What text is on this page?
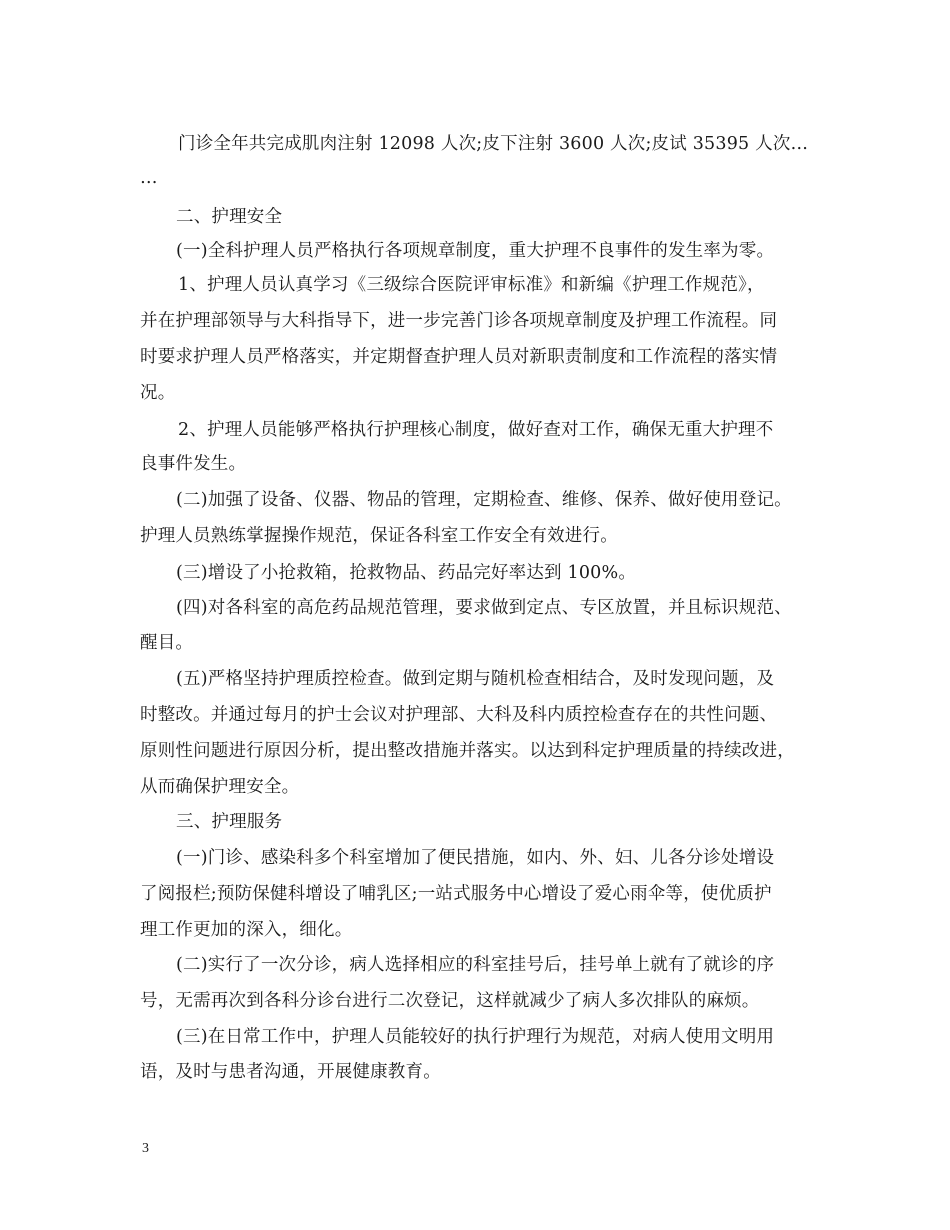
门诊全年共完成肌肉注射 12098 人次;皮下注射 3600 人次;皮试 35395 人次…
…
二、护理安全
(一)全科护理人员严格执行各项规章制度，重大护理不良事件的发生率为零。
1、护理人员认真学习《三级综合医院评审标准》和新编《护理工作规范》，
并在护理部领导与大科指导下，进一步完善门诊各项规章制度及护理工作流程。同
时要求护理人员严格落实，并定期督查护理人员对新职责制度和工作流程的落实情
况。
2、护理人员能够严格执行护理核心制度，做好查对工作，确保无重大护理不
良事件发生。
(二)加强了设备、仪器、物品的管理，定期检查、维修、保养、做好使用登记。
护理人员熟练掌握操作规范，保证各科室工作安全有效进行。
(三)增设了小抢救箱，抢救物品、药品完好率达到 100%。
(四)对各科室的高危药品规范管理，要求做到定点、专区放置，并且标识规范、
醒目。
(五)严格坚持护理质控检查。做到定期与随机检查相结合，及时发现问题，及
时整改。并通过每月的护士会议对护理部、大科及科内质控检查存在的共性问题、
原则性问题进行原因分析，提出整改措施并落实。以达到科定护理质量的持续改进，
从而确保护理安全。
三、护理服务
(一)门诊、感染科多个科室增加了便民措施，如内、外、妇、儿各分诊处增设
了阅报栏;预防保健科增设了哺乳区;一站式服务中心增设了爱心雨伞等，使优质护
理工作更加的深入，细化。
(二)实行了一次分诊，病人选择相应的科室挂号后，挂号单上就有了就诊的序
号，无需再次到各科分诊台进行二次登记，这样就减少了病人多次排队的麻烦。
(三)在日常工作中，护理人员能较好的执行护理行为规范，对病人使用文明用
语，及时与患者沟通，开展健康教育。
3
